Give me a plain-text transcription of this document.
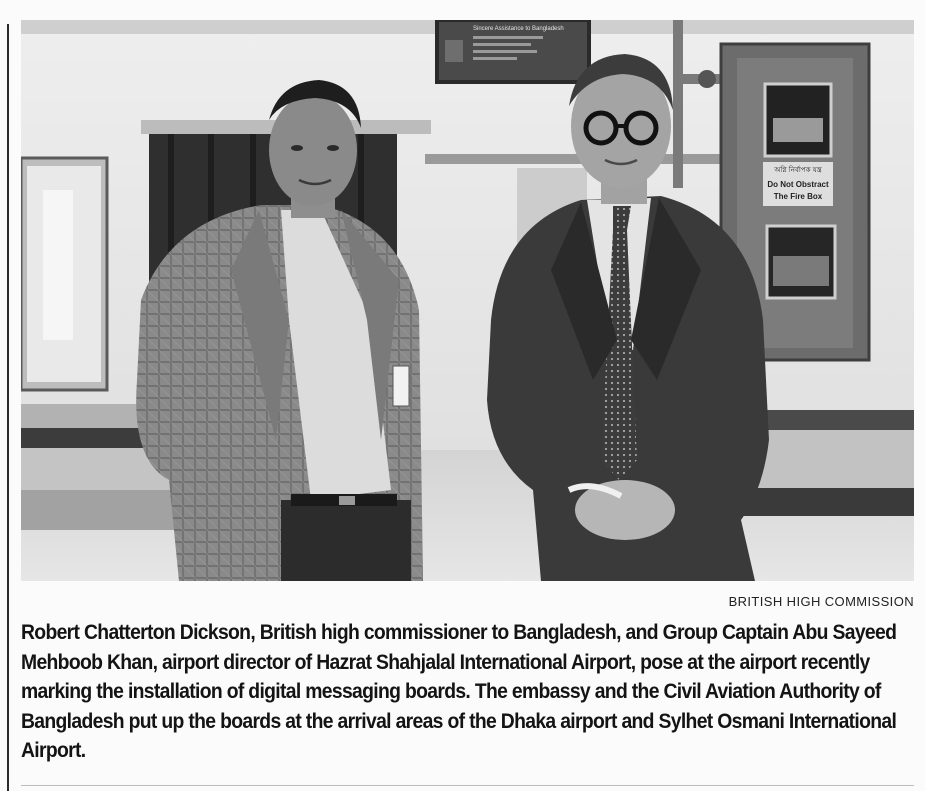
Sincere Assistance to Bangladesh
অগ্নি নির্বাপক যন্ত্র
Do Not Obstract
The Fire Box
BRITISH HIGH COMMISSION

Robert Chatterton Dickson, British high commissioner to Bangladesh, and Group Captain Abu Sayeed Mehboob Khan, airport director of Hazrat Shahjalal International Airport, pose at the airport recently marking the installation of digital messaging boards. The embassy and the Civil Aviation Authority of Bangladesh put up the boards at the arrival areas of the Dhaka airport and Sylhet Osmani International Airport.
